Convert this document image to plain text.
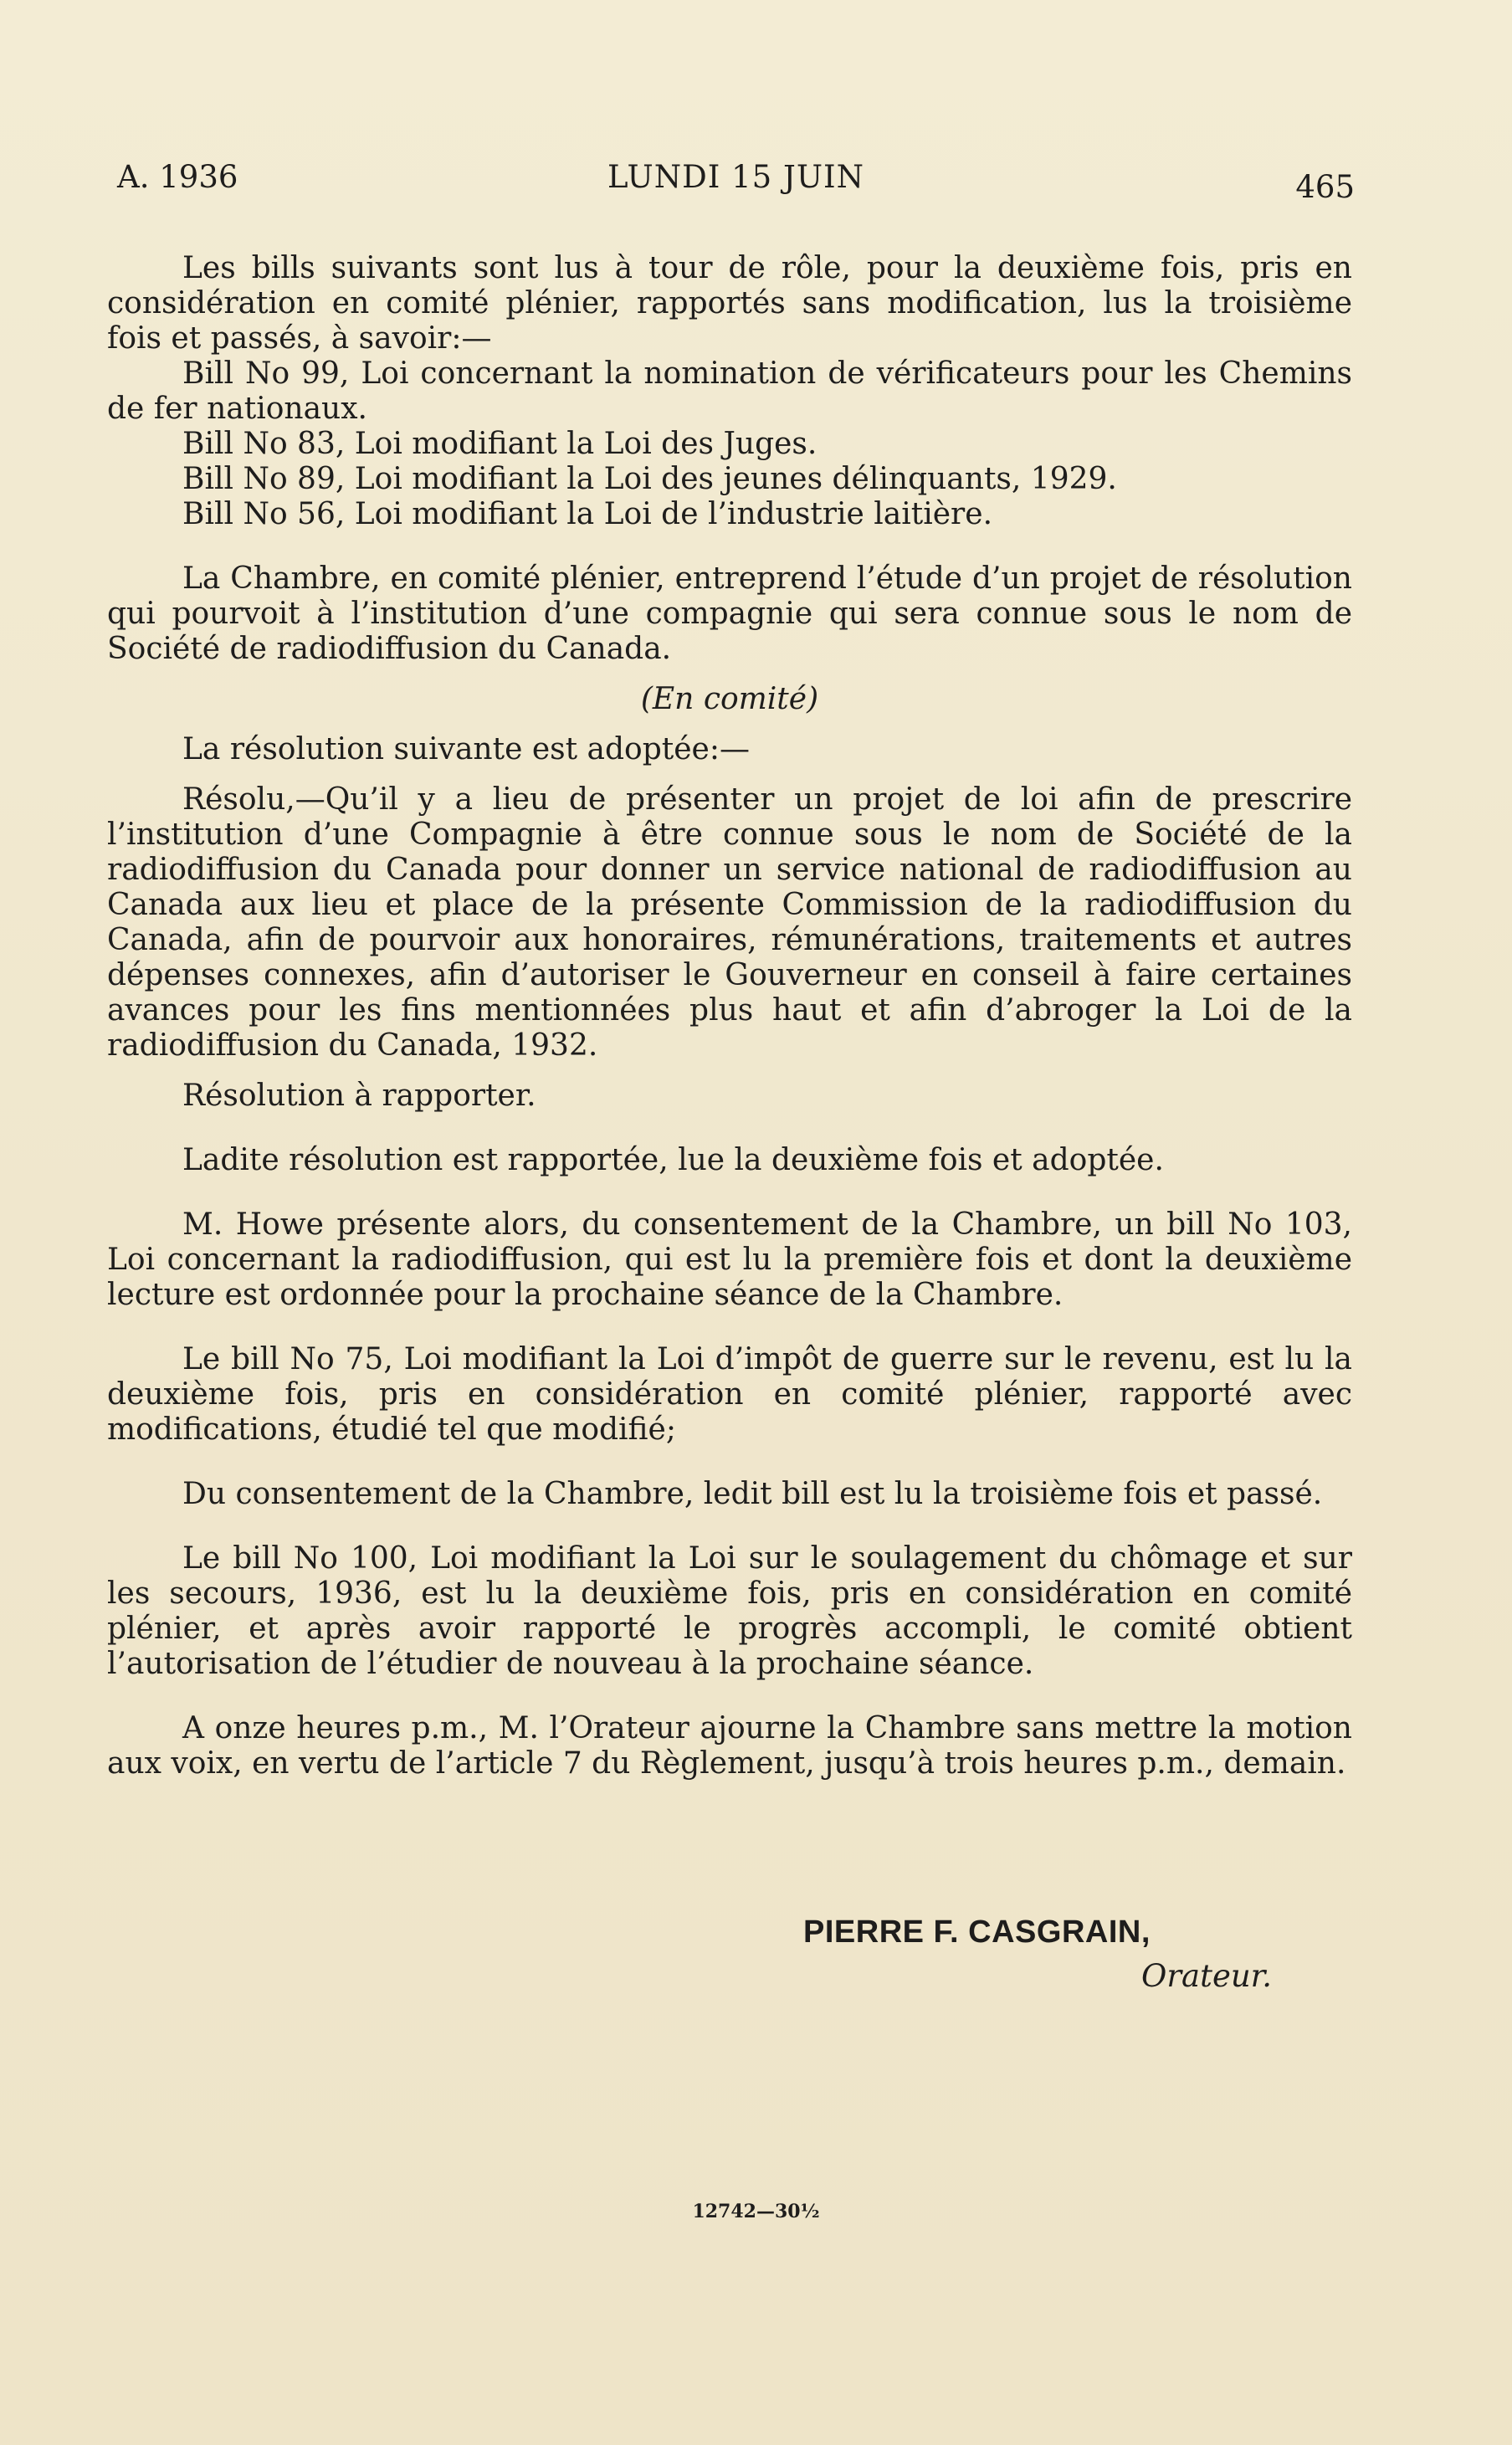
A. 1936	LUNDI 15 JUIN	465

Les bills suivants sont lus à tour de rôle, pour la deuxième fois, pris en considération en comité plénier, rapportés sans modification, lus la troisième fois et passés, à savoir:—

Bill No 99, Loi concernant la nomination de vérificateurs pour les Chemins de fer nationaux.

Bill No 83, Loi modifiant la Loi des Juges.

Bill No 89, Loi modifiant la Loi des jeunes délinquants, 1929.

Bill No 56, Loi modifiant la Loi de l’industrie laitière.

La Chambre, en comité plénier, entreprend l’étude d’un projet de résolution qui pourvoit à l’institution d’une compagnie qui sera connue sous le nom de Société de radiodiffusion du Canada.

(En comité)

La résolution suivante est adoptée:—

Résolu,—Qu’il y a lieu de présenter un projet de loi afin de prescrire l’institution d’une Compagnie à être connue sous le nom de Société de la radiodiffusion du Canada pour donner un service national de radiodiffusion au Canada aux lieu et place de la présente Commission de la radiodiffusion du Canada, afin de pourvoir aux honoraires, rémunérations, traitements et autres dépenses connexes, afin d’autoriser le Gouverneur en conseil à faire certaines avances pour les fins mentionnées plus haut et afin d’abroger la Loi de la radiodiffusion du Canada, 1932.

Résolution à rapporter.

Ladite résolution est rapportée, lue la deuxième fois et adoptée.

M. Howe présente alors, du consentement de la Chambre, un bill No 103, Loi concernant la radiodiffusion, qui est lu la première fois et dont la deuxième lecture est ordonnée pour la prochaine séance de la Chambre.

Le bill No 75, Loi modifiant la Loi d’impôt de guerre sur le revenu, est lu la deuxième fois, pris en considération en comité plénier, rapporté avec modifications, étudié tel que modifié;

Du consentement de la Chambre, ledit bill est lu la troisième fois et passé.

Le bill No 100, Loi modifiant la Loi sur le soulagement du chômage et sur les secours, 1936, est lu la deuxième fois, pris en considération en comité plénier, et après avoir rapporté le progrès accompli, le comité obtient l’autorisation de l’étudier de nouveau à la prochaine séance.

A onze heures p.m., M. l’Orateur ajourne la Chambre sans mettre la motion aux voix, en vertu de l’article 7 du Règlement, jusqu’à trois heures p.m., demain.

PIERRE F. CASGRAIN,
Orateur.
12742—30½
